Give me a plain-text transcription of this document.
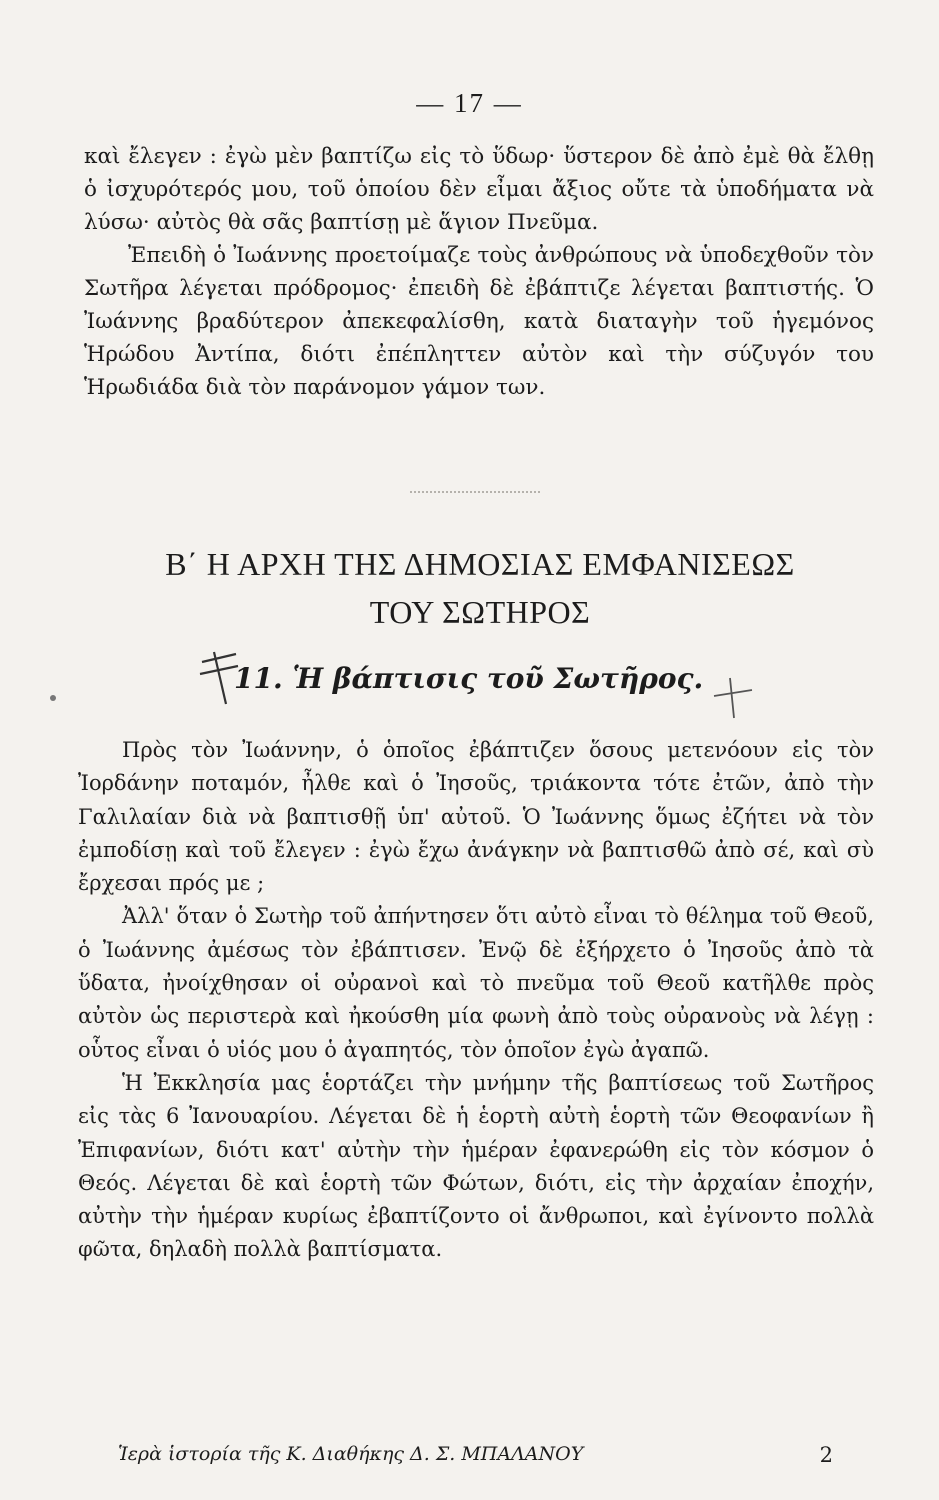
— 17 —

καὶ ἔλεγεν : ἐγὼ μὲν βαπτίζω εἰς τὸ ὕδωρ· ὕστερον δὲ ἀπὸ ἐμὲ θὰ ἔλθῃ ὁ ἰσχυρότερός μου, τοῦ ὁποίου δὲν εἶμαι ἄξιος οὔτε τὰ ὑποδήματα νὰ λύσω· αὐτὸς θὰ σᾶς βαπτίσῃ μὲ ἅγιον Πνεῦμα.

Ἐπειδὴ ὁ Ἰωάννης προετοίμαζε τοὺς ἀνθρώπους νὰ ὑποδεχθοῦν τὸν Σωτῆρα λέγεται πρόδρομος· ἐπειδὴ δὲ ἐβάπτιζε λέγεται βαπτιστής. Ὁ Ἰωάννης βραδύτερον ἀπεκεφαλίσθη, κατὰ διαταγὴν τοῦ ἡγεμόνος Ἡρώδου Ἀντίπα, διότι ἐπέπληττεν αὐτὸν καὶ τὴν σύζυγόν του Ἡρωδιάδα διὰ τὸν παράνομον γάμον των.

Β΄ Η ΑΡΧΗ ΤΗΣ ΔΗΜΟΣΙΑΣ ΕΜΦΑΝΙΣΕΩΣ
ΤΟΥ ΣΩΤΗΡΟΣ
11. Ἡ βάπτισις τοῦ Σωτῆρος.

Πρὸς τὸν Ἰωάννην, ὁ ὁποῖος ἐβάπτιζεν ὅσους μετενόουν εἰς τὸν Ἰορδάνην ποταμόν, ἦλθε καὶ ὁ Ἰησοῦς, τριάκοντα τότε ἐτῶν, ἀπὸ τὴν Γαλιλαίαν διὰ νὰ βαπτισθῇ ὑπ' αὐτοῦ. Ὁ Ἰωάννης ὅμως ἐζήτει νὰ τὸν ἐμποδίσῃ καὶ τοῦ ἔλεγεν : ἐγὼ ἔχω ἀνάγκην νὰ βαπτισθῶ ἀπὸ σέ, καὶ σὺ ἔρχεσαι πρός με ;

Ἀλλ' ὅταν ὁ Σωτὴρ τοῦ ἀπήντησεν ὅτι αὐτὸ εἶναι τὸ θέλημα τοῦ Θεοῦ, ὁ Ἰωάννης ἀμέσως τὸν ἐβάπτισεν. Ἐνῷ δὲ ἐξήρχετο ὁ Ἰησοῦς ἀπὸ τὰ ὕδατα, ἠνοίχθησαν οἱ οὐρανοὶ καὶ τὸ πνεῦμα τοῦ Θεοῦ κατῆλθε πρὸς αὐτὸν ὡς περιστερὰ καὶ ἠκούσθη μία φωνὴ ἀπὸ τοὺς οὐρανοὺς νὰ λέγῃ : οὗτος εἶναι ὁ υἱός μου ὁ ἀγαπητός, τὸν ὁποῖον ἐγὼ ἀγαπῶ.

Ἡ Ἐκκλησία μας ἑορτάζει τὴν μνήμην τῆς βαπτίσεως τοῦ Σωτῆρος εἰς τὰς 6 Ἰανουαρίου. Λέγεται δὲ ἡ ἑορτὴ αὐτὴ ἑορτὴ τῶν Θεοφανίων ἢ Ἐπιφανίων, διότι κατ' αὐτὴν τὴν ἡμέραν ἐφανερώθη εἰς τὸν κόσμον ὁ Θεός. Λέγεται δὲ καὶ ἑορτὴ τῶν Φώτων, διότι, εἰς τὴν ἀρχαίαν ἐποχήν, αὐτὴν τὴν ἡμέραν κυρίως ἐβαπτίζοντο οἱ ἄνθρωποι, καὶ ἐγίνοντο πολλὰ φῶτα, δηλαδὴ πολλὰ βαπτίσματα.

Ἱερὰ ἱστορία τῆς Κ. Διαθήκης Δ. Σ. ΜΠΑΛΑΝΟΥ	2
